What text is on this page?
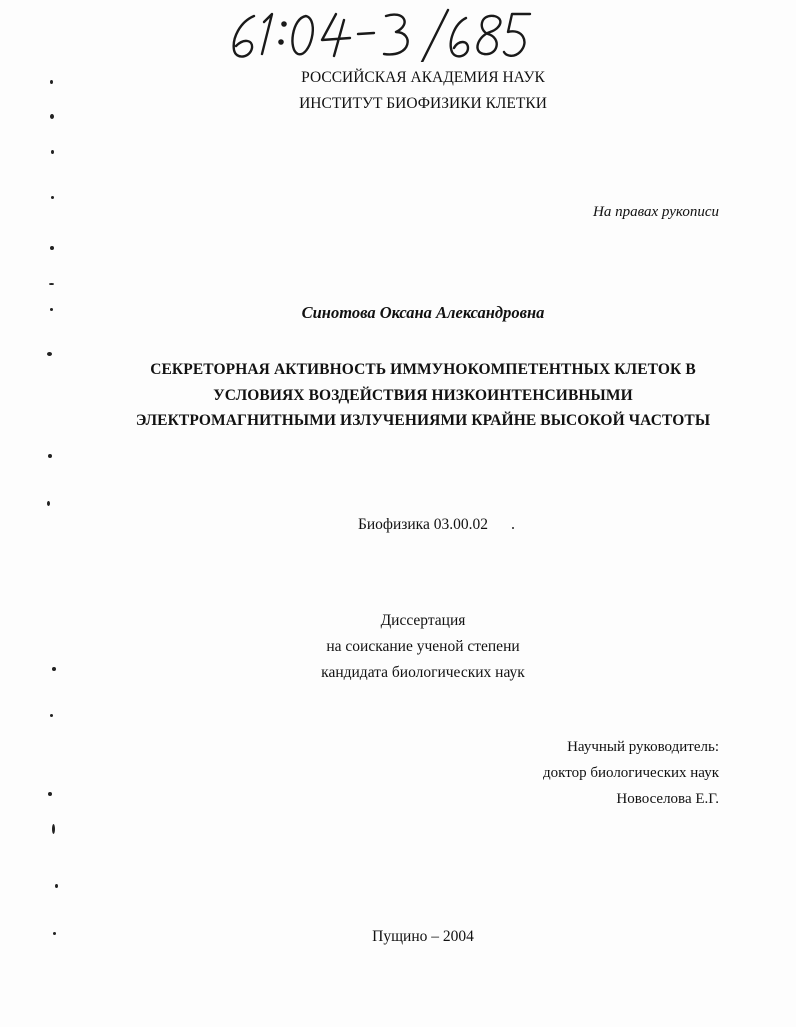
РОССИЙСКАЯ АКАДЕМИЯ НАУК
ИНСТИТУТ БИОФИЗИКИ КЛЕТКИ
На правах рукописи
Синотова Оксана Александровна
СЕКРЕТОРНАЯ АКТИВНОСТЬ ИММУНОКОМПЕТЕНТНЫХ КЛЕТОК В
УСЛОВИЯХ ВОЗДЕЙСТВИЯ НИЗКОИНТЕНСИВНЫМИ
ЭЛЕКТРОМАГНИТНЫМИ ИЗЛУЧЕНИЯМИ КРАЙНЕ ВЫСОКОЙ ЧАСТОТЫ
Биофизика 03.00.02
Диссертация
на соискание ученой степени
кандидата биологических наук
Научный руководитель:
доктор биологических наук
Новоселова Е.Г.
Пущино – 2004
